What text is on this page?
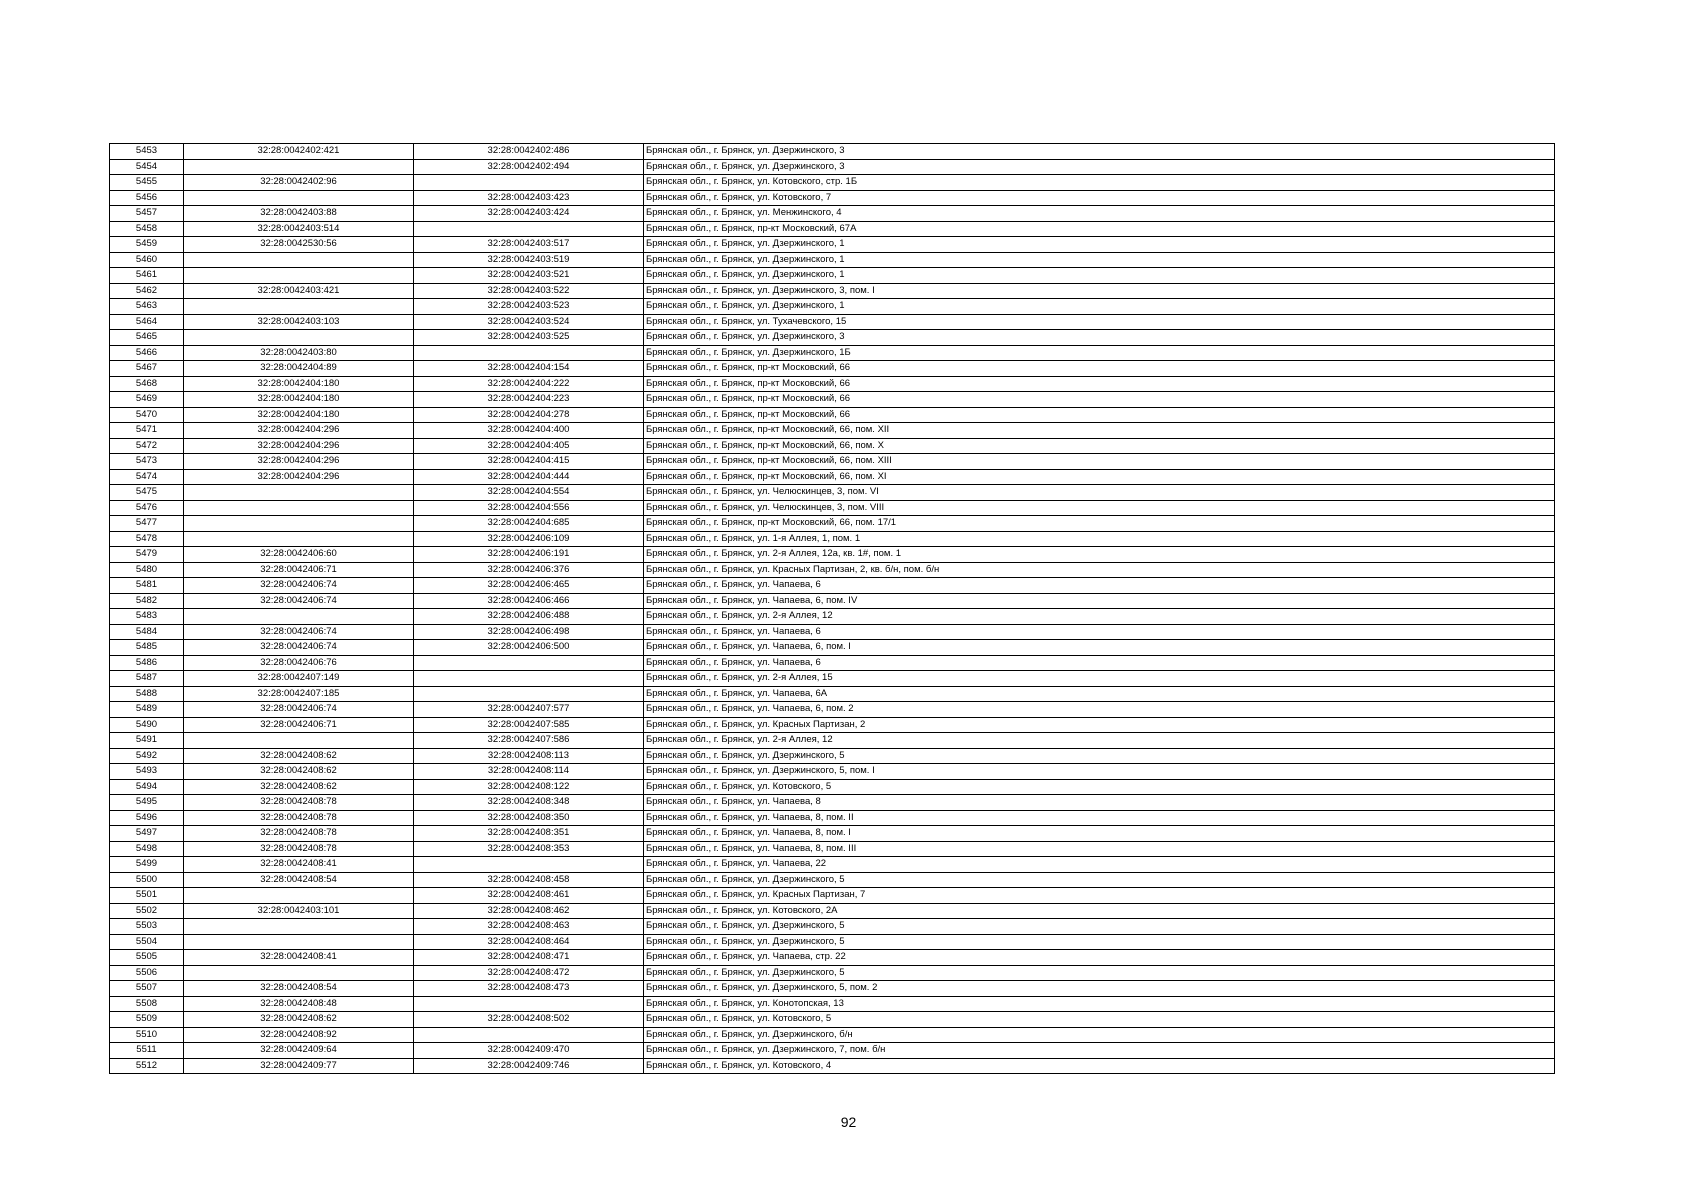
5453	32:28:0042402:421	32:28:0042402:486	Брянская обл., г. Брянск, ул. Дзержинского, 3
5454		32:28:0042402:494	Брянская обл., г. Брянск, ул. Дзержинского, 3
5455	32:28:0042402:96		Брянская обл., г. Брянск, ул. Котовского, стр. 1Б
5456		32:28:0042403:423	Брянская обл., г. Брянск, ул. Котовского, 7
5457	32:28:0042403:88	32:28:0042403:424	Брянская обл., г. Брянск, ул. Менжинского, 4
5458	32:28:0042403:514		Брянская обл., г. Брянск, пр-кт Московский, 67А
5459	32:28:0042530:56	32:28:0042403:517	Брянская обл., г. Брянск, ул. Дзержинского, 1
5460		32:28:0042403:519	Брянская обл., г. Брянск, ул. Дзержинского, 1
5461		32:28:0042403:521	Брянская обл., г. Брянск, ул. Дзержинского, 1
5462	32:28:0042403:421	32:28:0042403:522	Брянская обл., г. Брянск, ул. Дзержинского, 3, пом. I
5463		32:28:0042403:523	Брянская обл., г. Брянск, ул. Дзержинского, 1
5464	32:28:0042403:103	32:28:0042403:524	Брянская обл., г. Брянск, ул. Тухачевского, 15
5465		32:28:0042403:525	Брянская обл., г. Брянск, ул. Дзержинского, 3
5466	32:28:0042403:80		Брянская обл., г. Брянск, ул. Дзержинского, 1Б
5467	32:28:0042404:89	32:28:0042404:154	Брянская обл., г. Брянск, пр-кт Московский, 66
5468	32:28:0042404:180	32:28:0042404:222	Брянская обл., г. Брянск, пр-кт Московский, 66
5469	32:28:0042404:180	32:28:0042404:223	Брянская обл., г. Брянск, пр-кт Московский, 66
5470	32:28:0042404:180	32:28:0042404:278	Брянская обл., г. Брянск, пр-кт Московский, 66
5471	32:28:0042404:296	32:28:0042404:400	Брянская обл., г. Брянск, пр-кт Московский, 66, пом. XII
5472	32:28:0042404:296	32:28:0042404:405	Брянская обл., г. Брянск, пр-кт Московский, 66, пом. X
5473	32:28:0042404:296	32:28:0042404:415	Брянская обл., г. Брянск, пр-кт Московский, 66, пом. XIII
5474	32:28:0042404:296	32:28:0042404:444	Брянская обл., г. Брянск, пр-кт Московский, 66, пом. XI
5475		32:28:0042404:554	Брянская обл., г. Брянск, ул. Челюскинцев, 3, пом. VI
5476		32:28:0042404:556	Брянская обл., г. Брянск, ул. Челюскинцев, 3, пом. VIII
5477		32:28:0042404:685	Брянская обл., г. Брянск, пр-кт Московский, 66, пом. 17/1
5478		32:28:0042406:109	Брянская обл., г. Брянск, ул. 1-я Аллея, 1, пом. 1
5479	32:28:0042406:60	32:28:0042406:191	Брянская обл., г. Брянск, ул. 2-я Аллея, 12а, кв. 1#, пом. 1
5480	32:28:0042406:71	32:28:0042406:376	Брянская обл., г. Брянск, ул. Красных Партизан, 2, кв. б/н, пом. б/н
5481	32:28:0042406:74	32:28:0042406:465	Брянская обл., г. Брянск, ул. Чапаева, 6
5482	32:28:0042406:74	32:28:0042406:466	Брянская обл., г. Брянск, ул. Чапаева, 6, пом. IV
5483		32:28:0042406:488	Брянская обл., г. Брянск, ул. 2-я Аллея, 12
5484	32:28:0042406:74	32:28:0042406:498	Брянская обл., г. Брянск, ул. Чапаева, 6
5485	32:28:0042406:74	32:28:0042406:500	Брянская обл., г. Брянск, ул. Чапаева, 6, пом. I
5486	32:28:0042406:76		Брянская обл., г. Брянск, ул. Чапаева, 6
5487	32:28:0042407:149		Брянская обл., г. Брянск, ул. 2-я Аллея, 15
5488	32:28:0042407:185		Брянская обл., г. Брянск, ул. Чапаева, 6А
5489	32:28:0042406:74	32:28:0042407:577	Брянская обл., г. Брянск, ул. Чапаева, 6, пом. 2
5490	32:28:0042406:71	32:28:0042407:585	Брянская обл., г. Брянск, ул. Красных Партизан, 2
5491		32:28:0042407:586	Брянская обл., г. Брянск, ул. 2-я Аллея, 12
5492	32:28:0042408:62	32:28:0042408:113	Брянская обл., г. Брянск, ул. Дзержинского, 5
5493	32:28:0042408:62	32:28:0042408:114	Брянская обл., г. Брянск, ул. Дзержинского, 5, пом. I
5494	32:28:0042408:62	32:28:0042408:122	Брянская обл., г. Брянск, ул. Котовского, 5
5495	32:28:0042408:78	32:28:0042408:348	Брянская обл., г. Брянск, ул. Чапаева, 8
5496	32:28:0042408:78	32:28:0042408:350	Брянская обл., г. Брянск, ул. Чапаева, 8, пом. II
5497	32:28:0042408:78	32:28:0042408:351	Брянская обл., г. Брянск, ул. Чапаева, 8, пом. I
5498	32:28:0042408:78	32:28:0042408:353	Брянская обл., г. Брянск, ул. Чапаева, 8, пом. III
5499	32:28:0042408:41		Брянская обл., г. Брянск, ул. Чапаева, 22
5500	32:28:0042408:54	32:28:0042408:458	Брянская обл., г. Брянск, ул. Дзержинского, 5
5501		32:28:0042408:461	Брянская обл., г. Брянск, ул. Красных Партизан, 7
5502	32:28:0042403:101	32:28:0042408:462	Брянская обл., г. Брянск, ул. Котовского, 2А
5503		32:28:0042408:463	Брянская обл., г. Брянск, ул. Дзержинского, 5
5504		32:28:0042408:464	Брянская обл., г. Брянск, ул. Дзержинского, 5
5505	32:28:0042408:41	32:28:0042408:471	Брянская обл., г. Брянск, ул. Чапаева, стр. 22
5506		32:28:0042408:472	Брянская обл., г. Брянск, ул. Дзержинского, 5
5507	32:28:0042408:54	32:28:0042408:473	Брянская обл., г. Брянск, ул. Дзержинского, 5, пом. 2
5508	32:28:0042408:48		Брянская обл., г. Брянск, ул. Конотопская, 13
5509	32:28:0042408:62	32:28:0042408:502	Брянская обл., г. Брянск, ул. Котовского, 5
5510	32:28:0042408:92		Брянская обл., г. Брянск, ул. Дзержинского, б/н
5511	32:28:0042409:64	32:28:0042409:470	Брянская обл., г. Брянск, ул. Дзержинского, 7, пом. б/н
5512	32:28:0042409:77	32:28:0042409:746	Брянская обл., г. Брянск, ул. Котовского, 4
92
